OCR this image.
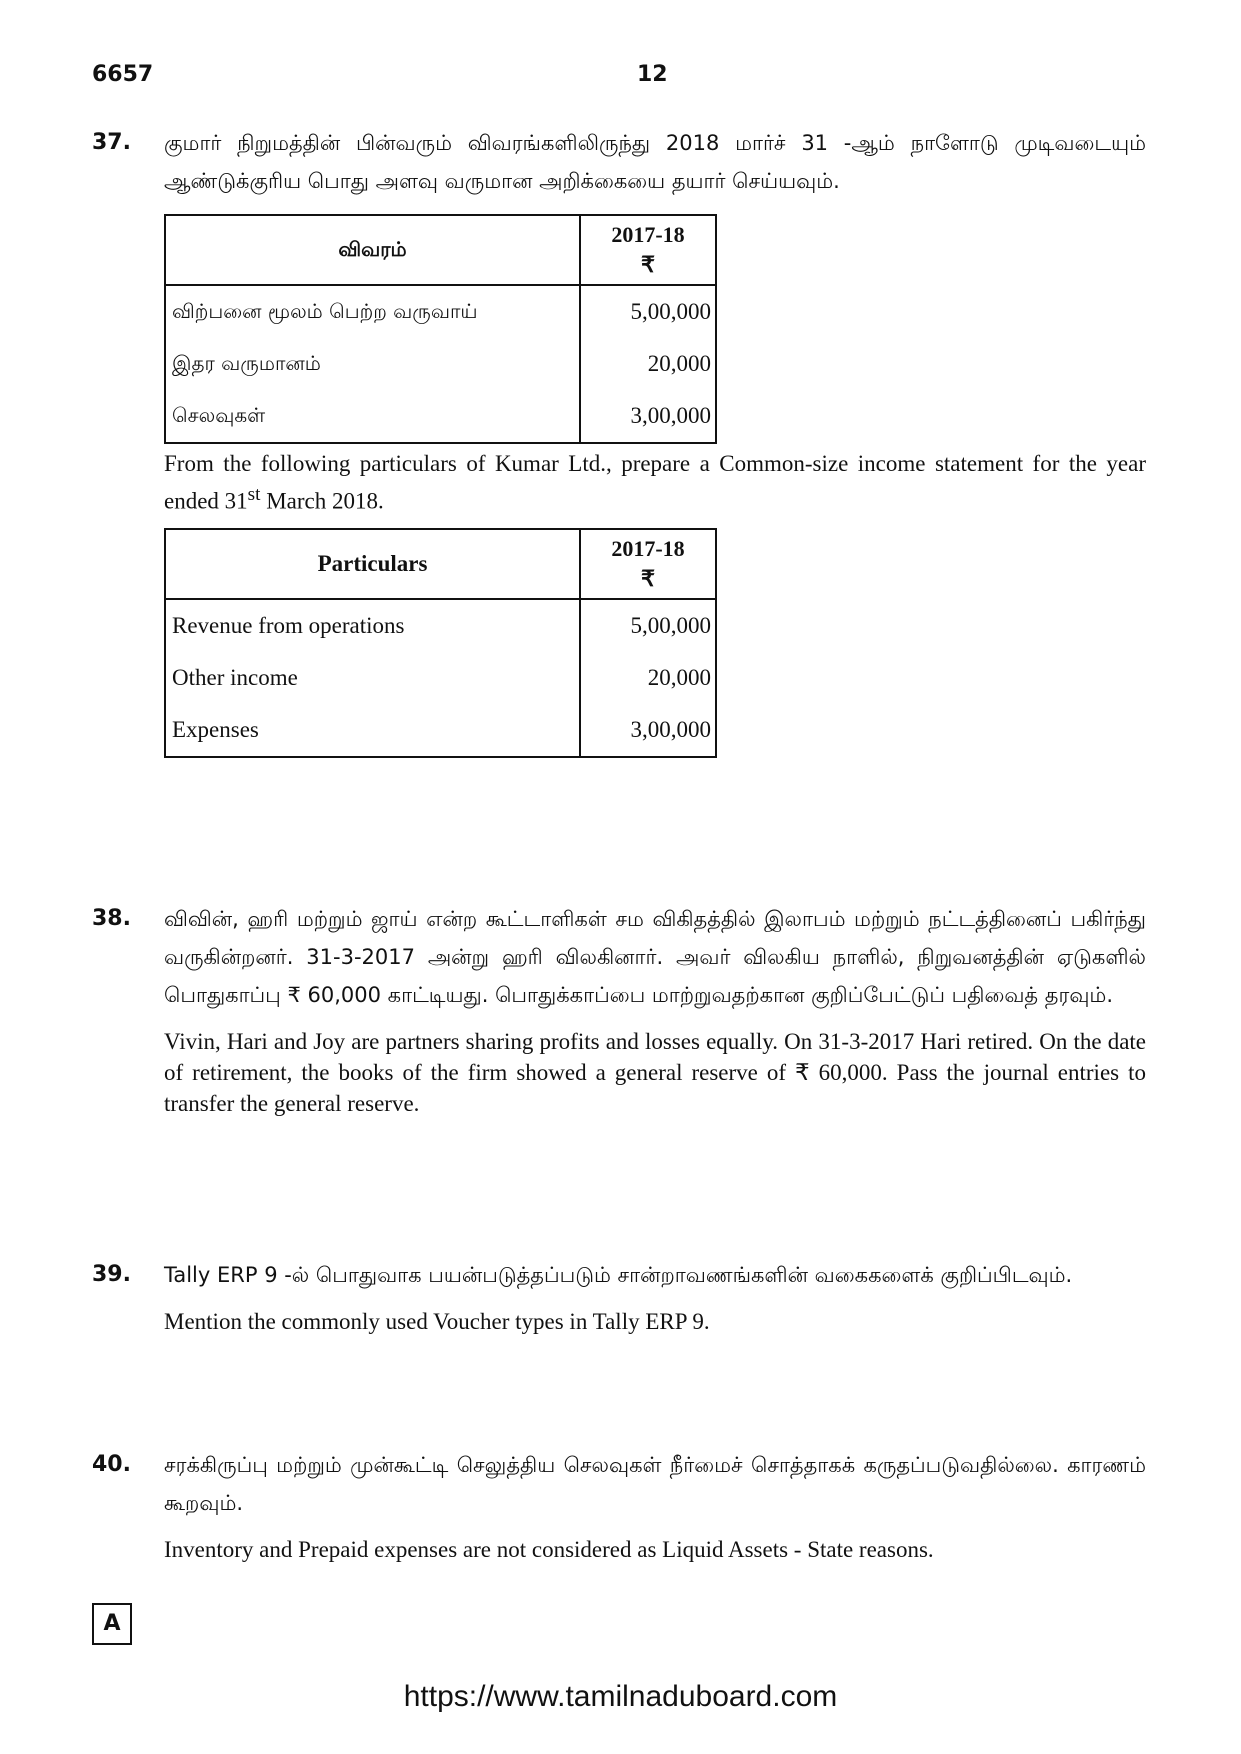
6657	12
37. குமார் நிறுமத்தின் பின்வரும் விவரங்களிலிருந்து 2018 மார்ச் 31 -ஆம் நாளோடு முடிவடையும் ஆண்டுக்குரிய பொது அளவு வருமான அறிக்கையை தயார் செய்யவும்.

விவரம்	2017-18
₹

விற்பனை மூலம் பெற்ற வருவாய்	5,00,000
இதர வருமானம்	20,000
செலவுகள்	3,00,000

From the following particulars of Kumar Ltd., prepare a Common-size income statement for the year ended 31st March 2018.

Particulars	2017-18
₹

Revenue from operations	5,00,000
Other income	20,000
Expenses	3,00,000
38. விவின், ஹரி மற்றும் ஜாய் என்ற கூட்டாளிகள் சம விகிதத்தில் இலாபம் மற்றும் நட்டத்தினைப் பகிர்ந்து வருகின்றனர். 31-3-2017 அன்று ஹரி விலகினார். அவர் விலகிய நாளில், நிறுவனத்தின் ஏடுகளில் பொதுகாப்பு ₹ 60,000 காட்டியது. பொதுக்காப்பை மாற்றுவதற்கான குறிப்பேட்டுப் பதிவைத் தரவும்.

Vivin, Hari and Joy are partners sharing profits and losses equally. On 31-3-2017 Hari retired. On the date of retirement, the books of the firm showed a general reserve of ₹ 60,000. Pass the journal entries to transfer the general reserve.

39. Tally ERP 9 -ல் பொதுவாக பயன்படுத்தப்படும் சான்றாவணங்களின் வகைகளைக் குறிப்பிடவும்.

Mention the commonly used Voucher types in Tally ERP 9.

40. சரக்கிருப்பு மற்றும் முன்கூட்டி செலுத்திய செலவுகள் நீர்மைச் சொத்தாகக் கருதப்படுவதில்லை. காரணம் கூறவும்.

Inventory and Prepaid expenses are not considered as Liquid Assets - State reasons.

A
https://www.tamilnaduboard.com
